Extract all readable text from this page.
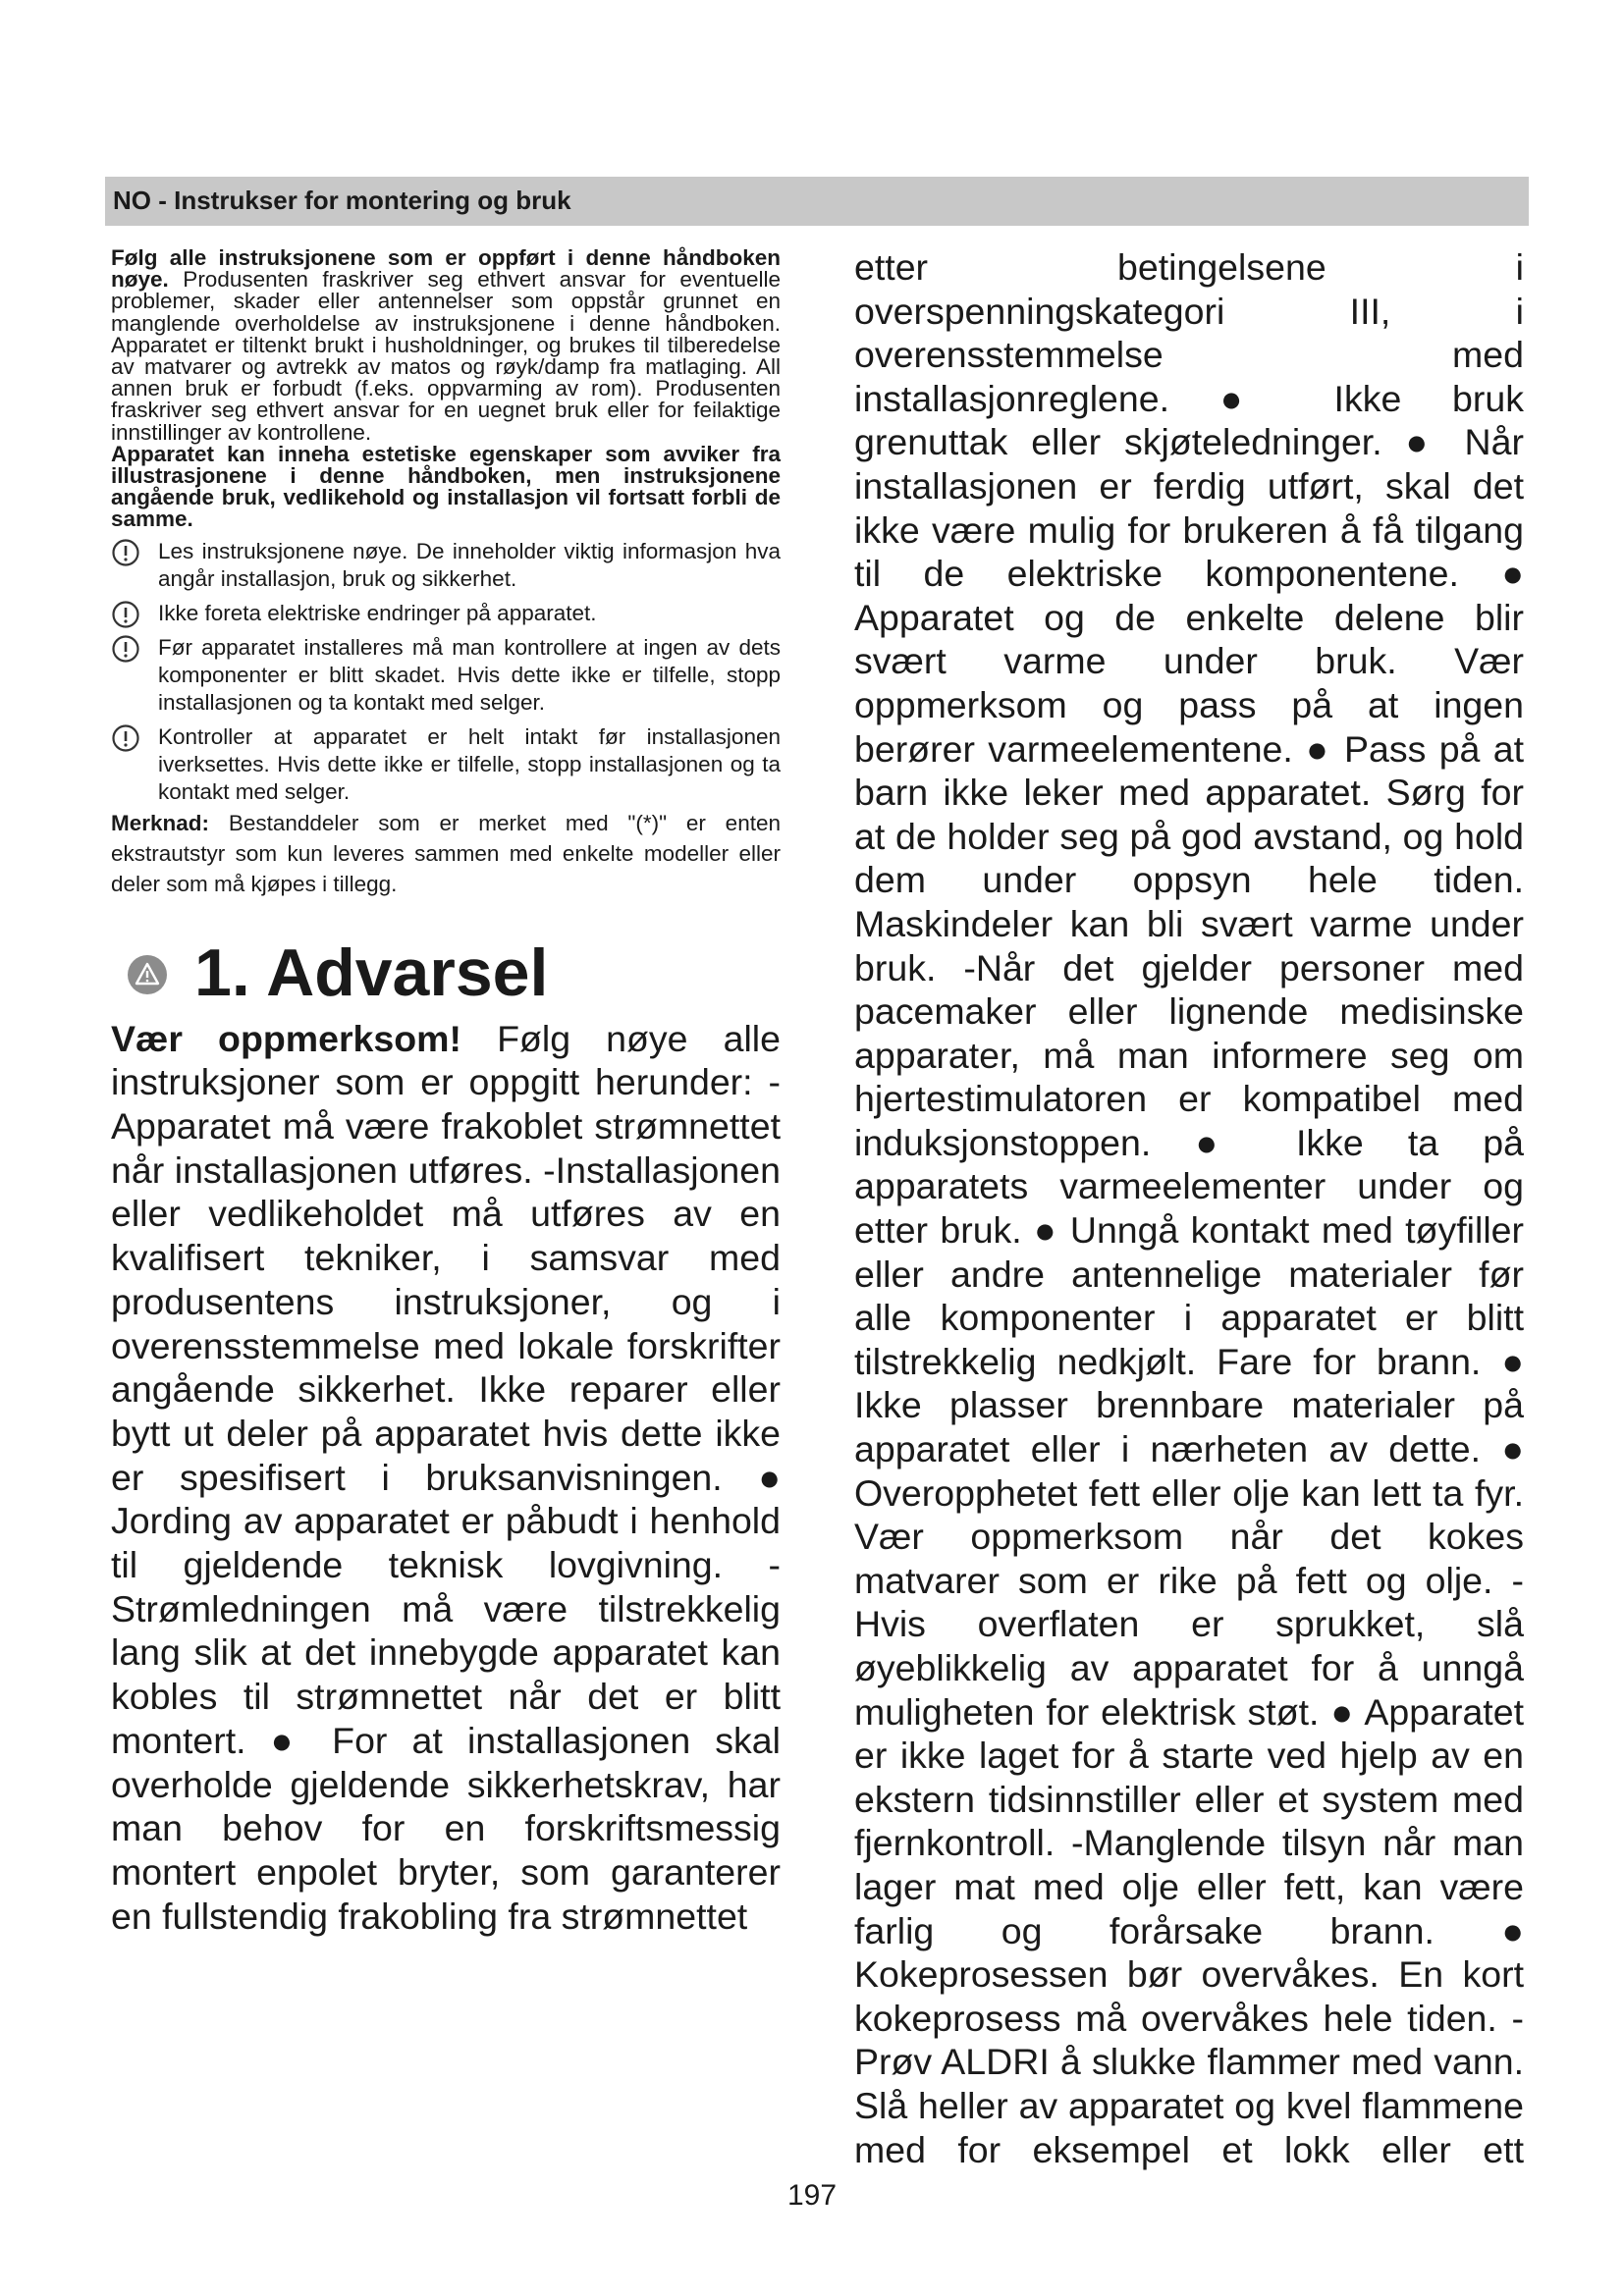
NO - Instrukser for montering og bruk

Følg alle instruksjonene som er oppført i denne håndboken nøye. Produsenten fraskriver seg ethvert ansvar for eventuelle problemer, skader eller antennelser som oppstår grunnet en manglende overholdelse av instruksjonene i denne håndboken. Apparatet er tiltenkt brukt i husholdninger, og brukes til tilberedelse av matvarer og avtrekk av matos og røyk/damp fra matlaging. All annen bruk er forbudt (f.eks. oppvarming av rom). Produsenten fraskriver seg ethvert ansvar for en uegnet bruk eller for feilaktige innstillinger av kontrollene.

Apparatet kan inneha estetiske egenskaper som avviker fra illustrasjonene i denne håndboken, men instruksjonene angående bruk, vedlikehold og installasjon vil fortsatt forbli de samme.

Les instruksjonene nøye. De inneholder viktig informasjon hva angår installasjon, bruk og sikkerhet.
Ikke foreta elektriske endringer på apparatet.
Før apparatet installeres må man kontrollere at ingen av dets komponenter er blitt skadet. Hvis dette ikke er tilfelle, stopp installasjonen og ta kontakt med selger.
Kontroller at apparatet er helt intakt før installasjonen iverksettes. Hvis dette ikke er tilfelle, stopp installasjonen og ta kontakt med selger.

Merknad: Bestanddeler som er merket med "(*)" er enten ekstrautstyr som kun leveres sammen med enkelte modeller eller deler som må kjøpes i tillegg.

1. Advarsel

Vær oppmerksom! Følg nøye alle instruksjoner som er oppgitt herunder: - Apparatet må være frakoblet strømnettet når installasjonen utføres. -Installasjonen eller vedlikeholdet må utføres av en kvalifisert tekniker, i samsvar med produsentens instruksjoner, og i overensstemmelse med lokale forskrifter angående sikkerhet. Ikke reparer eller bytt ut deler på apparatet hvis dette ikke er spesifisert i bruksanvisningen. ● Jording av apparatet er påbudt i henhold til gjeldende teknisk lovgivning. - Strømledningen må være tilstrekkelig lang slik at det innebygde apparatet kan kobles til strømnettet når det er blitt montert. ● For at installasjonen skal overholde gjeldende sikkerhetskrav, har man behov for en forskriftsmessig montert enpolet bryter, som garanterer en fullstendig frakobling fra strømnettet

etter betingelsene i overspenningskategori III, i overensstemmelse med installasjonreglene. ● Ikke bruk grenuttak eller skjøteledninger. ● Når installasjonen er ferdig utført, skal det ikke være mulig for brukeren å få tilgang til de elektriske komponentene. ● Apparatet og de enkelte delene blir svært varme under bruk. Vær oppmerksom og pass på at ingen berører varmeelementene. ● Pass på at barn ikke leker med apparatet. Sørg for at de holder seg på god avstand, og hold dem under oppsyn hele tiden. Maskindeler kan bli svært varme under bruk. -Når det gjelder personer med pacemaker eller lignende medisinske apparater, må man informere seg om hjertestimulatoren er kompatibel med induksjonstoppen. ● Ikke ta på apparatets varmeelementer under og etter bruk. ● Unngå kontakt med tøyfiller eller andre antennelige materialer før alle komponenter i apparatet er blitt tilstrekkelig nedkjølt. Fare for brann. ● Ikke plasser brennbare materialer på apparatet eller i nærheten av dette. ● Overopphetet fett eller olje kan lett ta fyr. Vær oppmerksom når det kokes matvarer som er rike på fett og olje. -Hvis overflaten er sprukket, slå øyeblikkelig av apparatet for å unngå muligheten for elektrisk støt. ● Apparatet er ikke laget for å starte ved hjelp av en ekstern tidsinnstiller eller et system med fjernkontroll. -Manglende tilsyn når man lager mat med olje eller fett, kan være farlig og forårsake brann. ● Kokeprosessen bør overvåkes. En kort kokeprosess må overvåkes hele tiden. - Prøv ALDRI å slukke flammer med vann. Slå heller av apparatet og kvel flammene med for eksempel et lokk eller ett

197
